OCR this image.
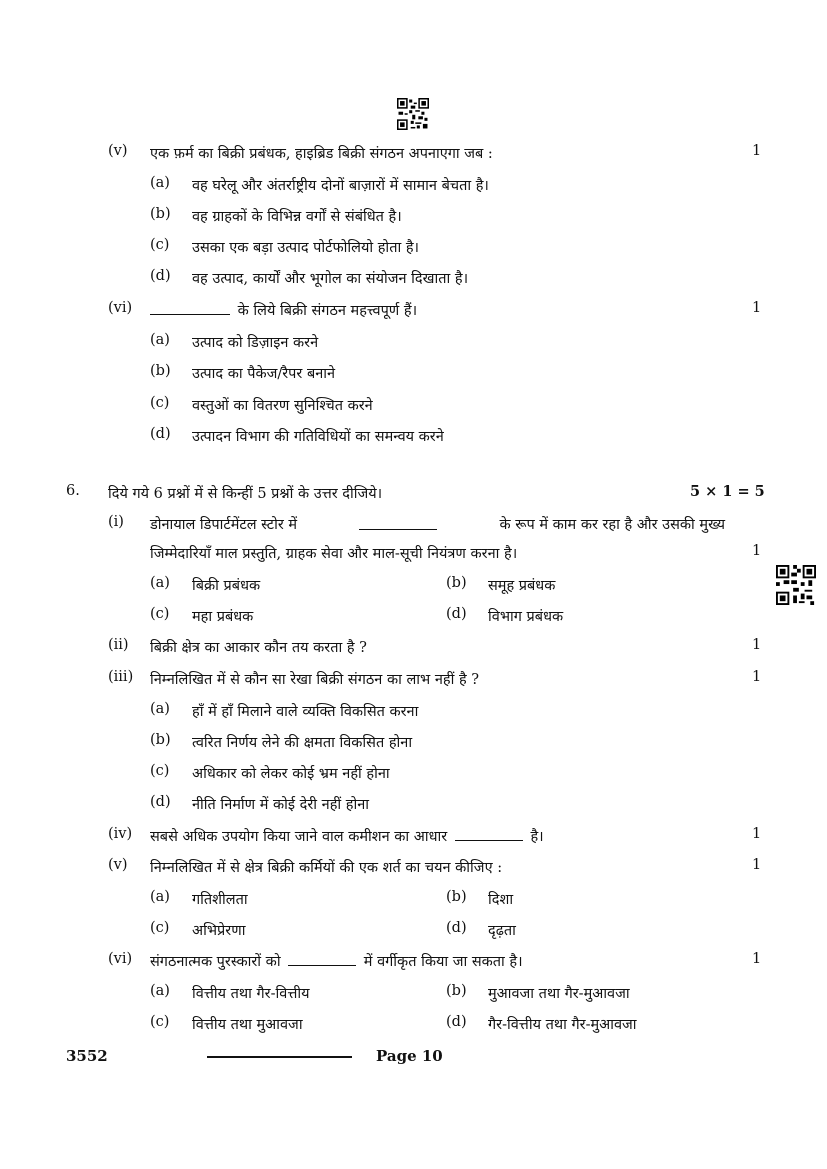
(v) एक फ़र्म का बिक्री प्रबंधक, हाइब्रिड बिक्री संगठन अपनाएगा जब :	1
(a) वह घरेलू और अंतर्राष्ट्रीय दोनों बाज़ारों में सामान बेचता है।
(b) वह ग्राहकों के विभिन्न वर्गों से संबंधित है।
(c) उसका एक बड़ा उत्पाद पोर्टफोलियो होता है।
(d) वह उत्पाद, कार्यों और भूगोल का संयोजन दिखाता है।
(vi)	के लिये बिक्री संगठन महत्त्वपूर्ण हैं।	1
(a) उत्पाद को डिज़ाइन करने
(b) उत्पाद का पैकेज/रैपर बनाने
(c) वस्तुओं का वितरण सुनिश्चित करने
(d) उत्पादन विभाग की गतिविधियों का समन्वय करने
6. दिये गये 6 प्रश्नों में से किन्हीं 5 प्रश्नों के उत्तर दीजिये।	5 × 1 = 5
(i) डोनायाल डिपार्टमेंटल स्टोर में	के रूप में काम कर रहा है और उसकी मुख्य
जिम्मेदारियाँ माल प्रस्तुति, ग्राहक सेवा और माल-सूची नियंत्रण करना है।	1
(a) बिक्री प्रबंधक	(b) समूह प्रबंधक
(c) महा प्रबंधक	(d) विभाग प्रबंधक
(ii) बिक्री क्षेत्र का आकार कौन तय करता है ?	1
(iii) निम्नलिखित में से कौन सा रेखा बिक्री संगठन का लाभ नहीं है ?	1
(a) हाँ में हाँ मिलाने वाले व्यक्ति विकसित करना
(b) त्वरित निर्णय लेने की क्षमता विकसित होना
(c) अधिकार को लेकर कोई भ्रम नहीं होना
(d) नीति निर्माण में कोई देरी नहीं होना
(iv) सबसे अधिक उपयोग किया जाने वाल कमीशन का आधार	है।	1
(v) निम्नलिखित में से क्षेत्र बिक्री कर्मियों की एक शर्त का चयन कीजिए :	1
(a) गतिशीलता	(b) दिशा
(c) अभिप्रेरणा	(d) दृढ़ता
(vi) संगठनात्मक पुरस्कारों को	में वर्गीकृत किया जा सकता है।	1
(a) वित्तीय तथा गैर-वित्तीय	(b) मुआवजा तथा गैर-मुआवजा
(c) वित्तीय तथा मुआवजा	(d) गैर-वित्तीय तथा गैर-मुआवजा
3552	Page 10
